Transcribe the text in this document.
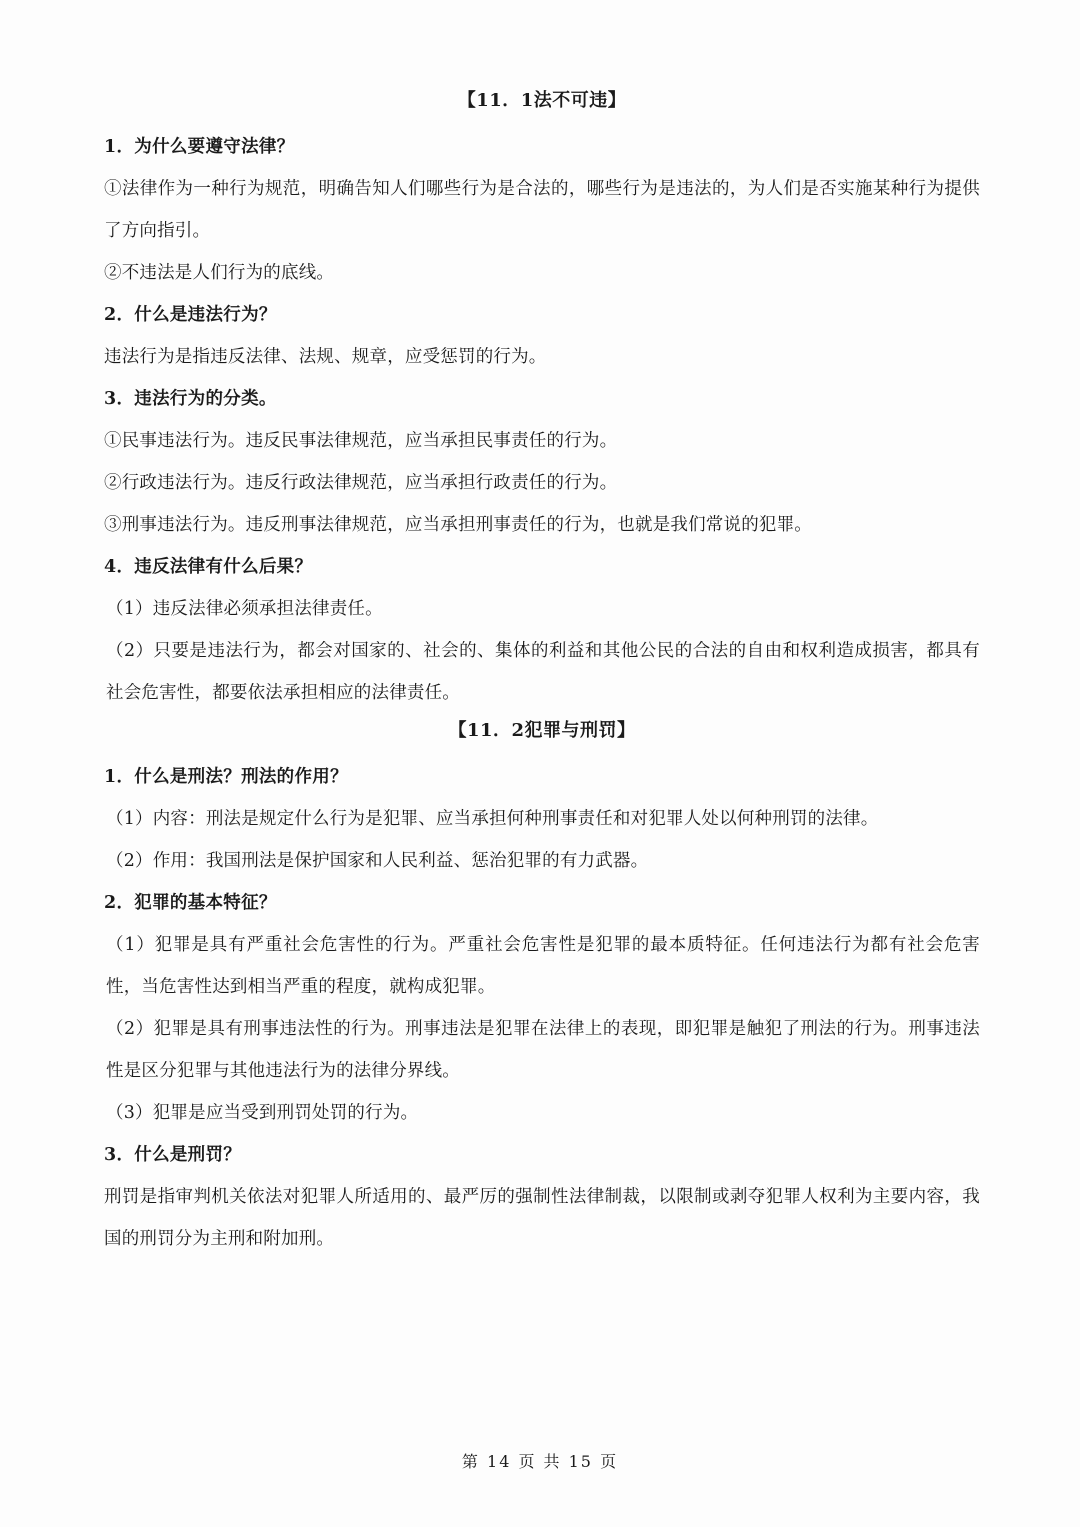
【11．1法不可违】
1．为什么要遵守法律？
①法律作为一种行为规范，明确告知人们哪些行为是合法的，哪些行为是违法的，为人们是否实施某种行为提供了方向指引。
②不违法是人们行为的底线。
2．什么是违法行为？
违法行为是指违反法律、法规、规章，应受惩罚的行为。
3．违法行为的分类。
①民事违法行为。违反民事法律规范，应当承担民事责任的行为。
②行政违法行为。违反行政法律规范，应当承担行政责任的行为。
③刑事违法行为。违反刑事法律规范，应当承担刑事责任的行为，也就是我们常说的犯罪。
4．违反法律有什么后果？
（1）违反法律必须承担法律责任。
（2）只要是违法行为，都会对国家的、社会的、集体的利益和其他公民的合法的自由和权利造成损害，都具有社会危害性，都要依法承担相应的法律责任。
【11．2犯罪与刑罚】
1．什么是刑法？刑法的作用？
（1）内容：刑法是规定什么行为是犯罪、应当承担何种刑事责任和对犯罪人处以何种刑罚的法律。
（2）作用：我国刑法是保护国家和人民利益、惩治犯罪的有力武器。
2．犯罪的基本特征？
（1）犯罪是具有严重社会危害性的行为。严重社会危害性是犯罪的最本质特征。任何违法行为都有社会危害性，当危害性达到相当严重的程度，就构成犯罪。
（2）犯罪是具有刑事违法性的行为。刑事违法是犯罪在法律上的表现，即犯罪是触犯了刑法的行为。刑事违法性是区分犯罪与其他违法行为的法律分界线。
（3）犯罪是应当受到刑罚处罚的行为。
3．什么是刑罚？
刑罚是指审判机关依法对犯罪人所适用的、最严厉的强制性法律制裁，以限制或剥夺犯罪人权利为主要内容，我国的刑罚分为主刑和附加刑。
第 14 页 共 15 页
